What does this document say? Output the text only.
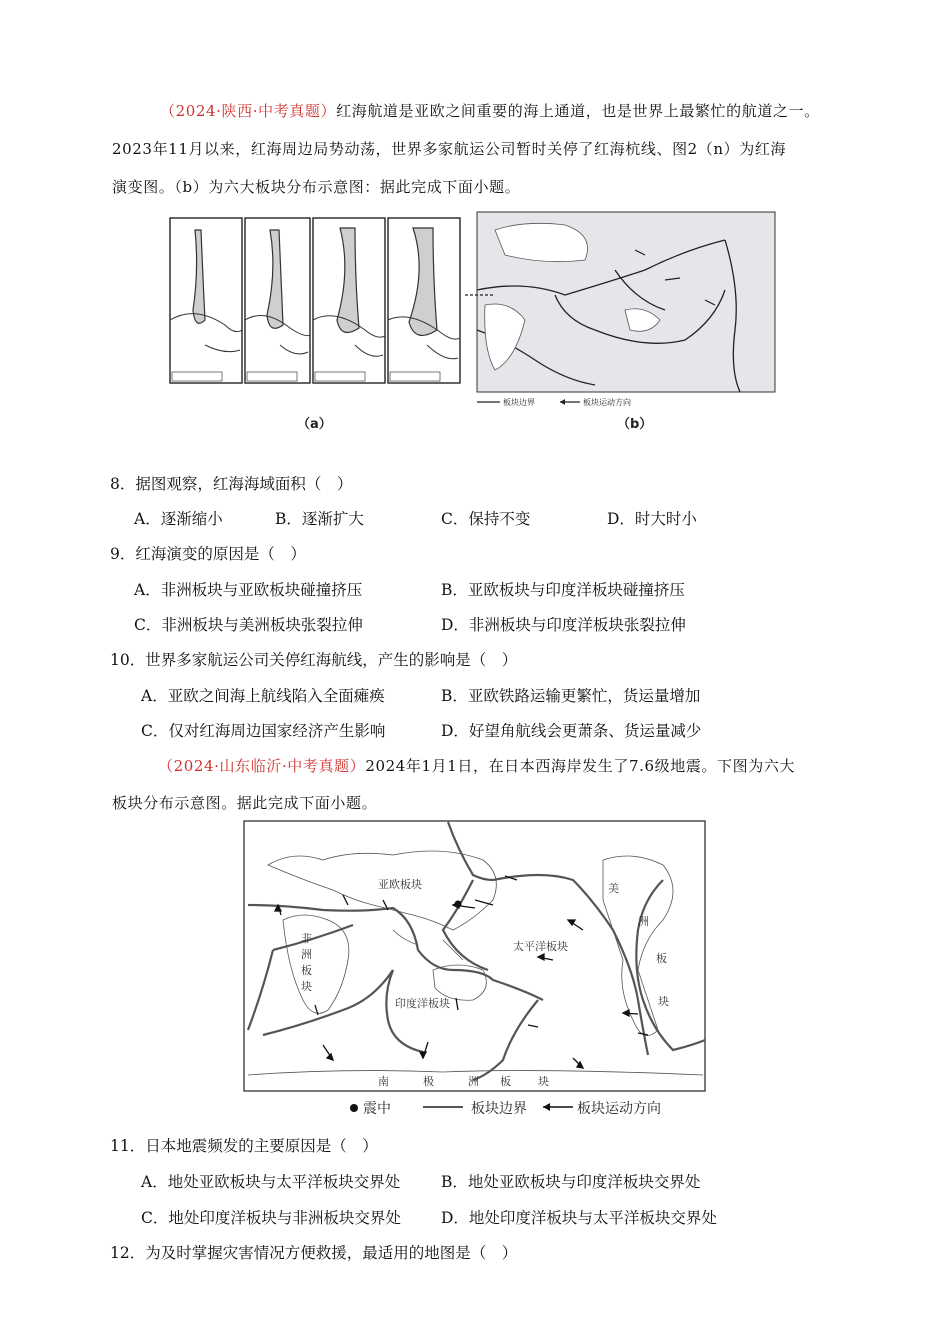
（2024·陕西·中考真题）红海航道是亚欧之间重要的海上通道，也是世界上最繁忙的航道之一。
2023年11月以来，红海周边局势动荡，世界多家航运公司暂时关停了红海杭线、图2（n）为红海
演变图。（b）为六大板块分布示意图：据此完成下面小题。
板块边界	板块运动方向
（a）	（b）
8．据图观察，红海海域面积（　）
A．逐渐缩小	B．逐渐扩大	C．保持不变	D．时大时小
9．红海演变的原因是（　）
A．非洲板块与亚欧板块碰撞挤压	B．亚欧板块与印度洋板块碰撞挤压
C．非洲板块与美洲板块张裂拉伸	D．非洲板块与印度洋板块张裂拉伸
10．世界多家航运公司关停红海航线，产生的影响是（　）
A．亚欧之间海上航线陷入全面瘫痪	B．亚欧铁路运输更繁忙，货运量增加
C．仅对红海周边国家经济产生影响	D．好望角航线会更萧条、货运量减少
（2024·山东临沂·中考真题）2024年1月1日，在日本西海岸发生了7.6级地震。下图为六大
板块分布示意图。据此完成下面小题。
亚欧板块
太平洋板块
印度洋板块
非
洲
板
块
美
洲
板
块
南	极	洲 板 块
震中	板块边界	板块运动方向
11．日本地震频发的主要原因是（　）
A．地处亚欧板块与太平洋板块交界处	B．地处亚欧板块与印度洋板块交界处
C．地处印度洋板块与非洲板块交界处	D．地处印度洋板块与太平洋板块交界处
12．为及时掌握灾害情况方便救援，最适用的地图是（　）
